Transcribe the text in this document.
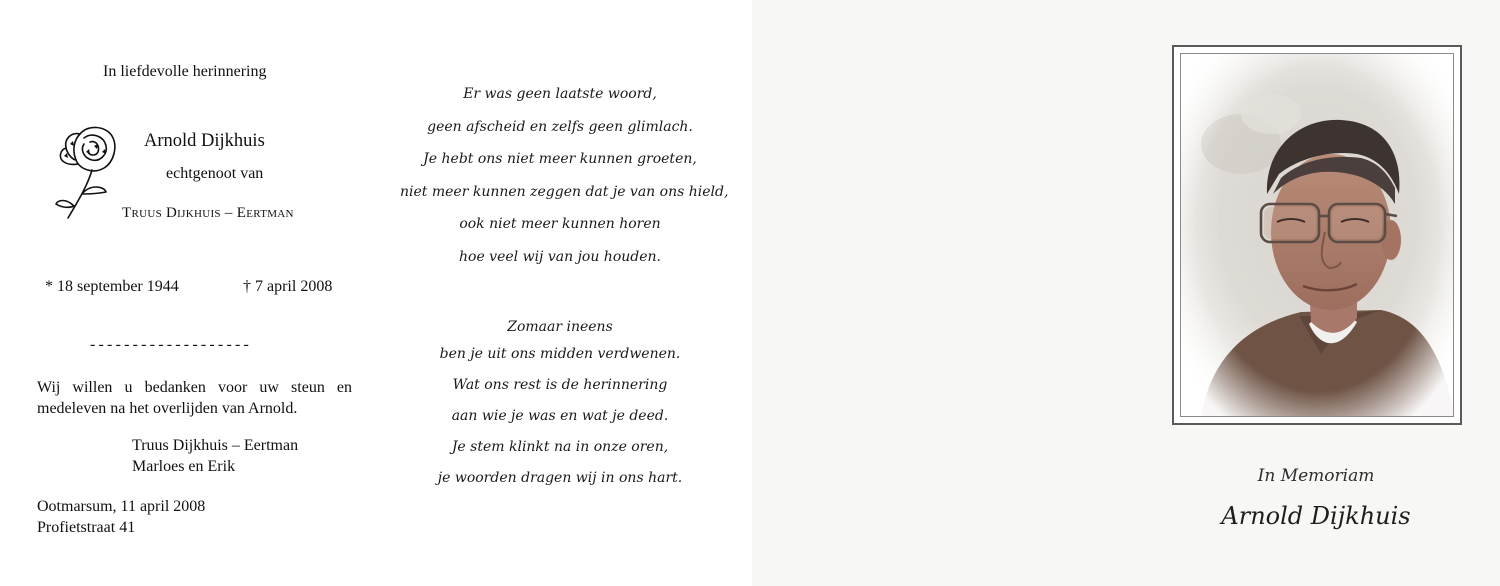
In liefdevolle herinnering
Arnold Dijkhuis
echtgenoot van
Truus Dijkhuis – Eertman
* 18 september 1944	† 7 april 2008
-------------------
Wij willen u bedanken voor uw steun en
medeleven na het overlijden van Arnold.
Truus Dijkhuis – Eertman
Marloes en Erik
Ootmarsum, 11 april 2008
Profietstraat 41
Er was geen laatste woord,
geen afscheid en zelfs geen glimlach.
Je hebt ons niet meer kunnen groeten,
niet meer kunnen zeggen dat je van ons hield,
ook niet meer kunnen horen
hoe veel wij van jou houden.
Zomaar ineens
ben je uit ons midden verdwenen.
Wat ons rest is de herinnering
aan wie je was en wat je deed.
Je stem klinkt na in onze oren,
je woorden dragen wij in ons hart.	In Memoriam
Arnold Dijkhuis
